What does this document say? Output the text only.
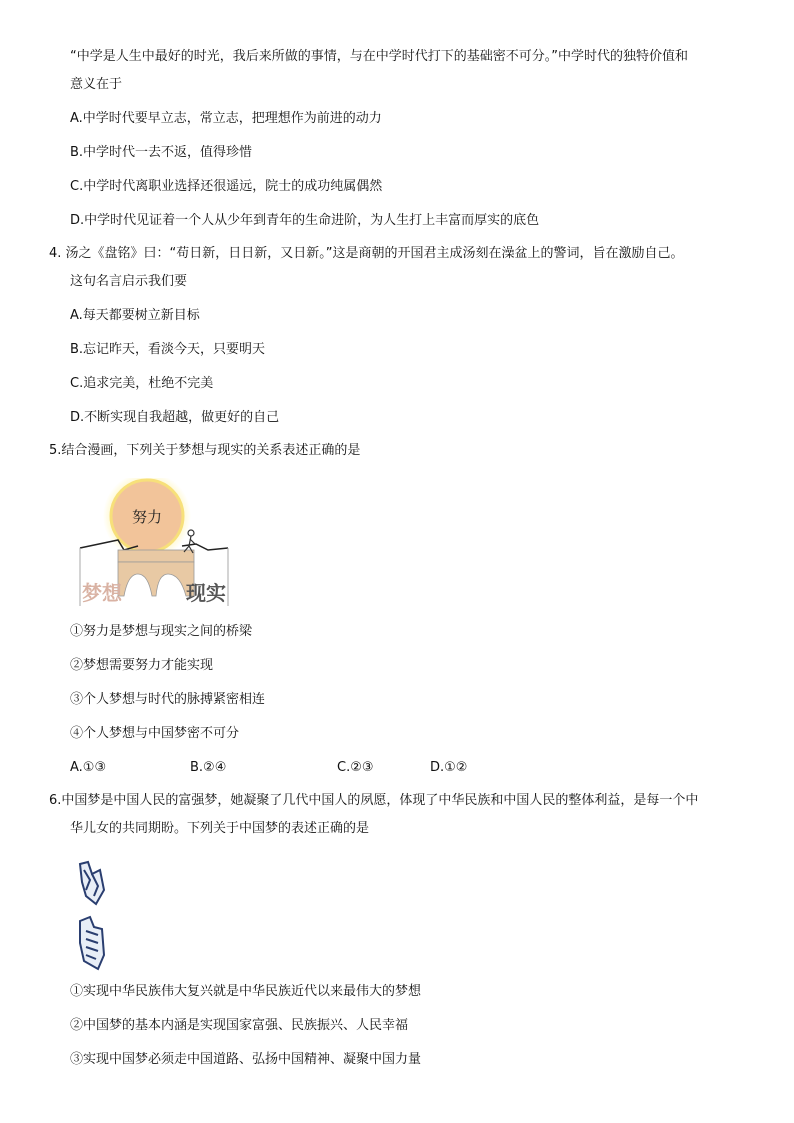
“中学是人生中最好的时光，我后来所做的事情，与在中学时代打下的基础密不可分。”中学时代的独特价值和
意义在于
A.中学时代要早立志，常立志，把理想作为前进的动力
B.中学时代一去不返，值得珍惜
C.中学时代离职业选择还很遥远，院士的成功纯属偶然
D.中学时代见证着一个人从少年到青年的生命进阶，为人生打上丰富而厚实的底色
4. 汤之《盘铭》曰：“苟日新，日日新，又日新。”这是商朝的开国君主成汤刻在澡盆上的警词，旨在激励自己。
这句名言启示我们要
A.每天都要树立新目标
B.忘记昨天，看淡今天，只要明天
C.追求完美，杜绝不完美
D.不断实现自我超越，做更好的自己
5.结合漫画，下列关于梦想与现实的关系表述正确的是
努力
梦想	现实
①努力是梦想与现实之间的桥梁
②梦想需要努力才能实现
③个人梦想与时代的脉搏紧密相连
④个人梦想与中国梦密不可分
A.①③	B.②④	C.②③	D.①②
6.中国梦是中国人民的富强梦，她凝聚了几代中国人的夙愿，体现了中华民族和中国人民的整体利益，是每一个中
华儿女的共同期盼。下列关于中国梦的表述正确的是
①实现中华民族伟大复兴就是中华民族近代以来最伟大的梦想
②中国梦的基本内涵是实现国家富强、民族振兴、人民幸福
③实现中国梦必须走中国道路、弘扬中国精神、凝聚中国力量
